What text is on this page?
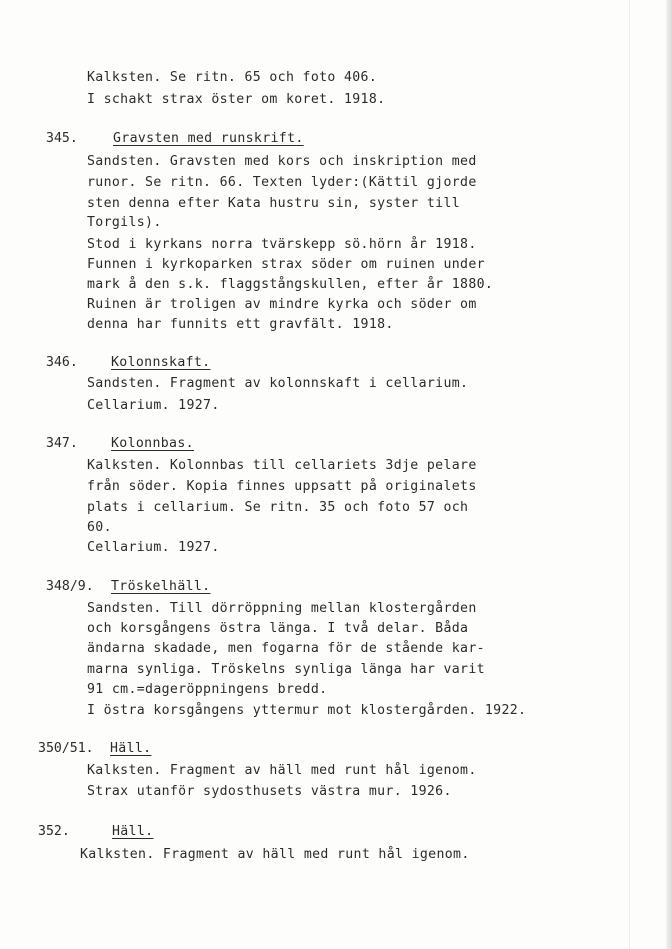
Kalksten. Se ritn. 65 och foto 406.
I schakt strax öster om koret. 1918.
345.	Gravsten med runskrift.
Sandsten. Gravsten med kors och inskription med
runor. Se ritn. 66. Texten lyder:(Kättil gjorde
sten denna efter Kata hustru sin, syster till
Torgils).
Stod i kyrkans norra tvärskepp sö.hörn år 1918.
Funnen i kyrkoparken strax söder om ruinen under
mark å den s.k. flaggstångskullen, efter år 1880.
Ruinen är troligen av mindre kyrka och söder om
denna har funnits ett gravfält. 1918.
346.	Kolonnskaft.
Sandsten. Fragment av kolonnskaft i cellarium.
Cellarium. 1927.
347.	Kolonnbas.
Kalksten. Kolonnbas till cellariets 3dje pelare
från söder. Kopia finnes uppsatt på originalets
plats i cellarium. Se ritn. 35 och foto 57 och
60.
Cellarium. 1927.
348/9. Tröskelhäll.
Sandsten. Till dörröppning mellan klostergården
och korsgångens östra länga. I två delar. Båda
ändarna skadade, men fogarna för de stående kar-
marna synliga. Tröskelns synliga länga har varit
91 cm.=dageröppningens bredd.
I östra korsgångens yttermur mot klostergården. 1922.
350/51. Häll.
Kalksten. Fragment av häll med runt hål igenom.
Strax utanför sydosthusets västra mur. 1926.
352.	Häll.
Kalksten. Fragment av häll med runt hål igenom.
